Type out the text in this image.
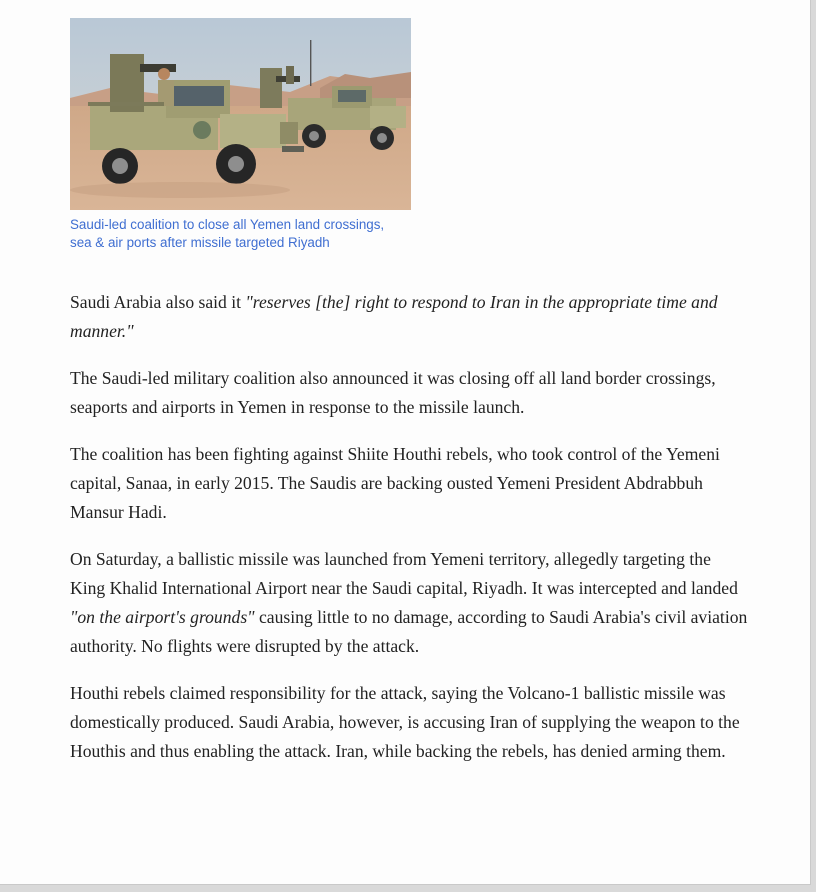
Saudi-led coalition to close all Yemen land crossings, sea & air ports after missile targeted Riyadh

Saudi Arabia also said it "reserves [the] right to respond to Iran in the appropriate time and manner."

The Saudi-led military coalition also announced it was closing off all land border crossings, seaports and airports in Yemen in response to the missile launch.

The coalition has been fighting against Shiite Houthi rebels, who took control of the Yemeni capital, Sanaa, in early 2015. The Saudis are backing ousted Yemeni President Abdrabbuh Mansur Hadi.

On Saturday, a ballistic missile was launched from Yemeni territory, allegedly targeting the King Khalid International Airport near the Saudi capital, Riyadh. It was intercepted and landed "on the airport's grounds" causing little to no damage, according to Saudi Arabia's civil aviation authority. No flights were disrupted by the attack.

Houthi rebels claimed responsibility for the attack, saying the Volcano-1 ballistic missile was domestically produced. Saudi Arabia, however, is accusing Iran of supplying the weapon to the Houthis and thus enabling the attack. Iran, while backing the rebels, has denied arming them.
